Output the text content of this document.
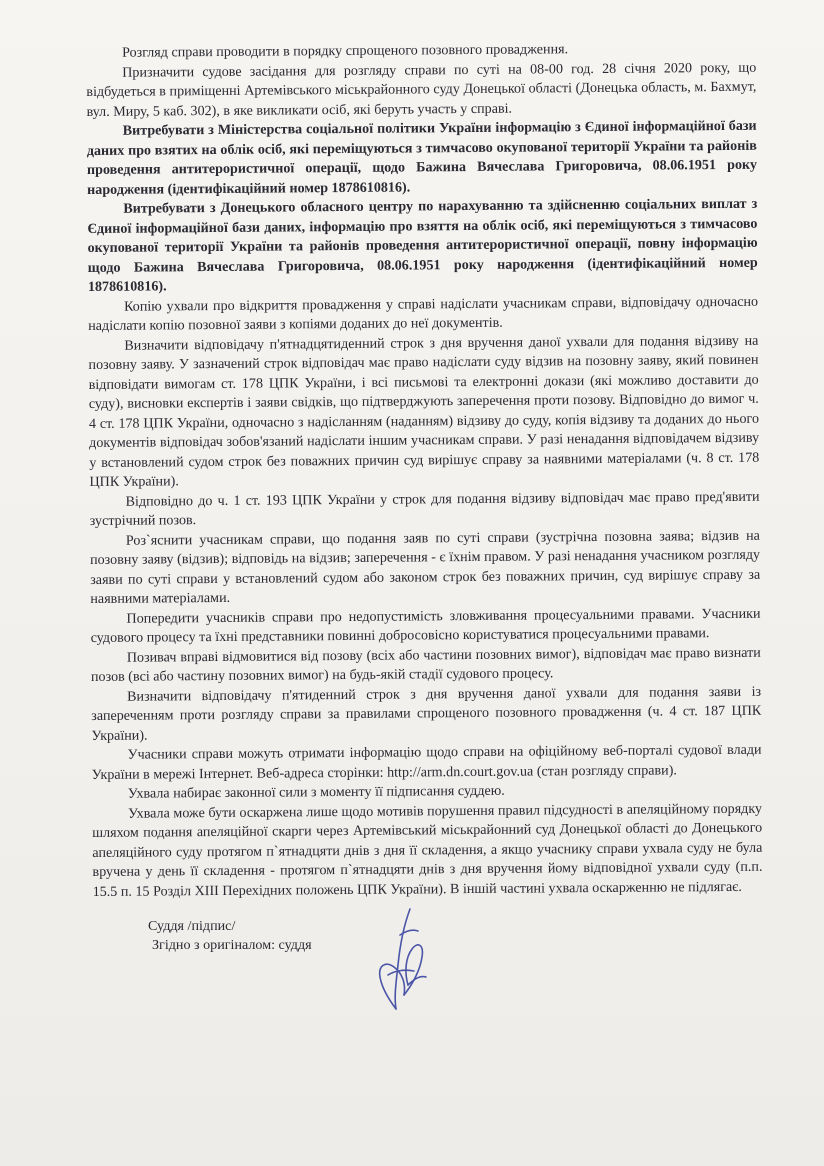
Розгляд справи проводити в порядку спрощеного позовного провадження.

Призначити судове засідання для розгляду справи по суті на 08-00 год. 28 січня 2020 року, що відбудеться в приміщенні Артемівського міськрайонного суду Донецької області (Донецька область, м. Бахмут, вул. Миру, 5 каб. 302), в яке викликати осіб, які беруть участь у справі.

Витребувати з Міністерства соціальної політики України інформацію з Єдиної інформаційної бази даних про взятих на облік осіб, які переміщуються з тимчасово окупованої території України та районів проведення антитерористичної операції, щодо Бажина Вячеслава Григоровича, 08.06.1951 року народження (ідентифікаційний номер 1878610816).

Витребувати з Донецького обласного центру по нарахуванню та здійсненню соціальних виплат з Єдиної інформаційної бази даних, інформацію про взяття на облік осіб, які переміщуються з тимчасово окупованої території України та районів проведення антитерористичної операції, повну інформацію щодо Бажина Вячеслава Григоровича, 08.06.1951 року народження (ідентифікаційний номер 1878610816).

Копію ухвали про відкриття провадження у справі надіслати учасникам справи, відповідачу одночасно надіслати копію позовної заяви з копіями доданих до неї документів.

Визначити відповідачу п'ятнадцятиденний строк з дня вручення даної ухвали для подання відзиву на позовну заяву. У зазначений строк відповідач має право надіслати суду відзив на позовну заяву, який повинен відповідати вимогам ст. 178 ЦПК України, і всі письмові та електронні докази (які можливо доставити до суду), висновки експертів і заяви свідків, що підтверджують заперечення проти позову. Відповідно до вимог ч. 4 ст. 178 ЦПК України, одночасно з надісланням (наданням) відзиву до суду, копія відзиву та доданих до нього документів відповідач зобов'язаний надіслати іншим учасникам справи. У разі ненадання відповідачем відзиву у встановлений судом строк без поважних причин суд вирішує справу за наявними матеріалами (ч. 8 ст. 178 ЦПК України).

Відповідно до ч. 1 ст. 193 ЦПК України у строк для подання відзиву відповідач має право пред'явити зустрічний позов.

Роз`яснити учасникам справи, що подання заяв по суті справи (зустрічна позовна заява; відзив на позовну заяву (відзив); відповідь на відзив; заперечення - є їхнім правом. У разі ненадання учасником розгляду заяви по суті справи у встановлений судом або законом строк без поважних причин, суд вирішує справу за наявними матеріалами.

Попередити учасників справи про недопустимість зловживання процесуальними правами. Учасники судового процесу та їхні представники повинні добросовісно користуватися процесуальними правами.

Позивач вправі відмовитися від позову (всіх або частини позовних вимог), відповідач має право визнати позов (всі або частину позовних вимог) на будь-якій стадії судового процесу.

Визначити відповідачу п'ятиденний строк з дня вручення даної ухвали для подання заяви із запереченням проти розгляду справи за правилами спрощеного позовного провадження (ч. 4 ст. 187 ЦПК України).

Учасники справи можуть отримати інформацію щодо справи на офіційному веб-порталі судової влади України в мережі Інтернет. Веб-адреса сторінки: http://arm.dn.court.gov.ua (стан розгляду справи).

Ухвала набирає законної сили з моменту її підписання суддею.

Ухвала може бути оскаржена лише щодо мотивів порушення правил підсудності в апеляційному порядку шляхом подання апеляційної скарги через Артемівський міськрайонний суд Донецької області до Донецького апеляційного суду протягом п`ятнадцяти днів з дня її складення, а якщо учаснику справи ухвала суду не була вручена у день її складення - протягом п`ятнадцяти днів з дня вручення йому відповідної ухвали суду (п.п. 15.5 п. 15 Розділ XIII Перехідних положень ЦПК України). В іншій частині ухвала оскарженню не підлягає.

Суддя /підпис/
Згідно з оригіналом: суддя
